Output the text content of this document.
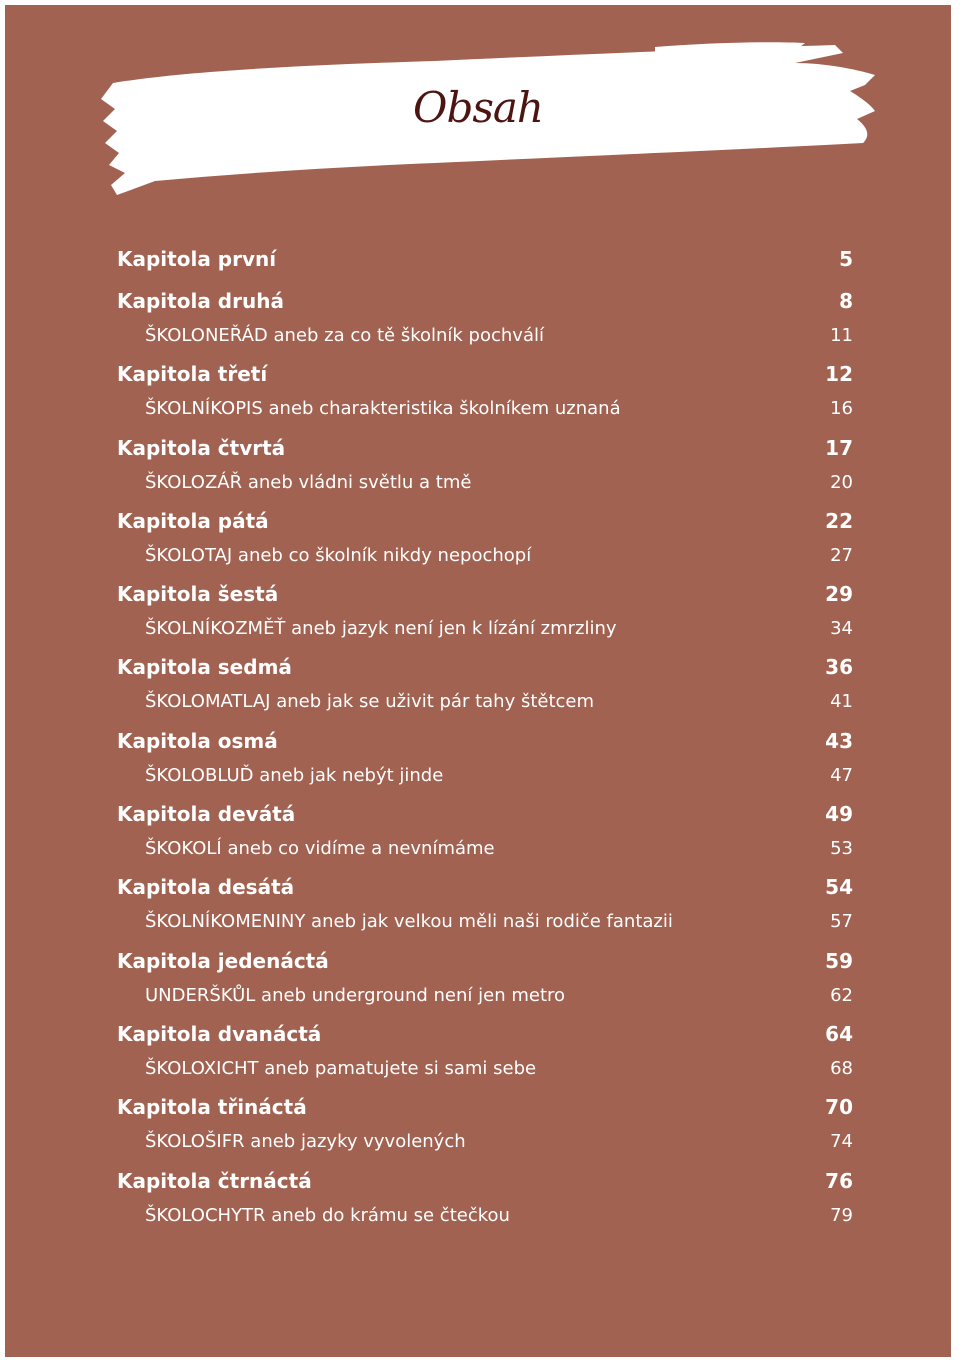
Obsah
Kapitola první	5
Kapitola druhá	8
ŠKOLONEŘÁD aneb za co tě školník pochválí	11
Kapitola třetí	12
ŠKOLNÍKOPIS aneb charakteristika školníkem uznaná	16
Kapitola čtvrtá	17
ŠKOLOZÁŘ aneb vládni světlu a tmě	20
Kapitola pátá	22
ŠKOLOTAJ aneb co školník nikdy nepochopí	27
Kapitola šestá	29
ŠKOLNÍKOZMĚŤ aneb jazyk není jen k lízání zmrzliny	34
Kapitola sedmá	36
ŠKOLOMATLAJ aneb jak se uživit pár tahy štětcem	41
Kapitola osmá	43
ŠKOLOBLUĎ aneb jak nebýt jinde	47
Kapitola devátá	49
ŠKOKOLÍ aneb co vidíme a nevnímáme	53
Kapitola desátá	54
ŠKOLNÍKOMENINY aneb jak velkou měli naši rodiče fantazii	57
Kapitola jedenáctá	59
UNDERŠKŮL aneb underground není jen metro	62
Kapitola dvanáctá	64
ŠKOLOXICHT aneb pamatujete si sami sebe	68
Kapitola třináctá	70
ŠKOLOŠIFR aneb jazyky vyvolených	74
Kapitola čtrnáctá	76
ŠKOLOCHYTR aneb do krámu se čtečkou	79
